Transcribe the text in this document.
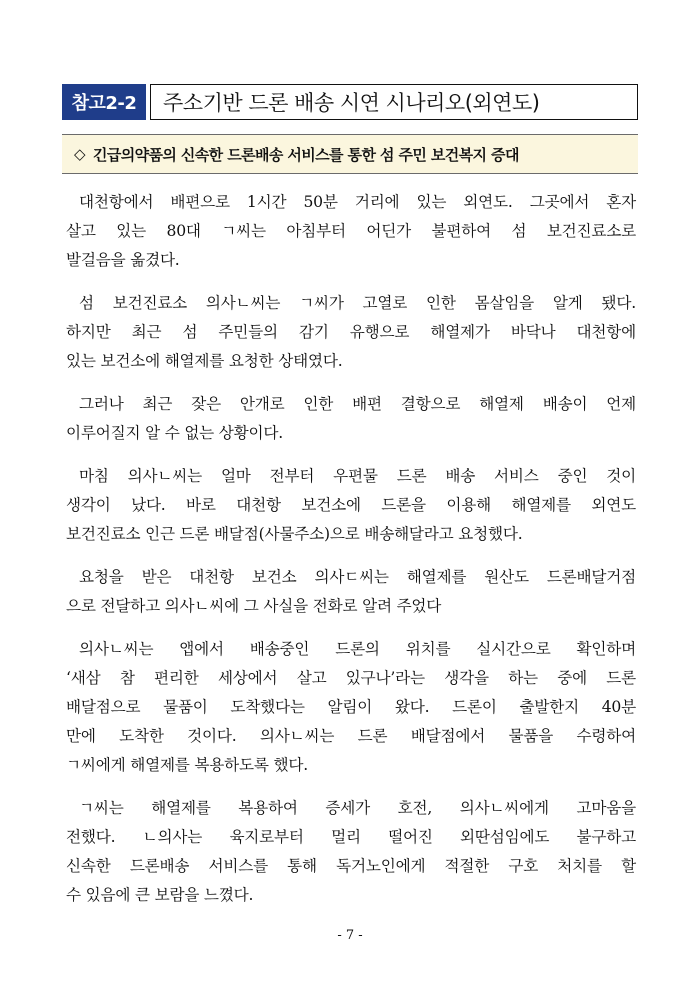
참고2-2	주소기반 드론 배송 시연 시나리오(외연도)
◇ 긴급의약품의 신속한 드론배송 서비스를 통한 섬 주민 보건복지 증대
대천항에서 배편으로 1시간 50분 거리에 있는 외연도. 그곳에서 혼자
살고 있는 80대 ㄱ씨는 아침부터 어딘가 불편하여 섬 보건진료소로
발걸음을 옮겼다.
섬 보건진료소 의사ㄴ씨는 ㄱ씨가 고열로 인한 몸살임을 알게 됐다.
하지만 최근 섬 주민들의 감기 유행으로 해열제가 바닥나 대천항에
있는 보건소에 해열제를 요청한 상태였다.
그러나 최근 잦은 안개로 인한 배편 결항으로 해열제 배송이 언제
이루어질지 알 수 없는 상황이다.
마침 의사ㄴ씨는 얼마 전부터 우편물 드론 배송 서비스 중인 것이
생각이 났다. 바로 대천항 보건소에 드론을 이용해 해열제를 외연도
보건진료소 인근 드론 배달점(사물주소)으로 배송해달라고 요청했다.
요청을 받은 대천항 보건소 의사ㄷ씨는 해열제를 원산도 드론배달거점
으로 전달하고 의사ㄴ씨에 그 사실을 전화로 알려 주었다
의사ㄴ씨는 앱에서 배송중인 드론의 위치를 실시간으로 확인하며
‘새삼 참 편리한 세상에서 살고 있구나’라는 생각을 하는 중에 드론
배달점으로 물품이 도착했다는 알림이 왔다. 드론이 출발한지 40분
만에 도착한 것이다. 의사ㄴ씨는 드론 배달점에서 물품을 수령하여
ㄱ씨에게 해열제를 복용하도록 했다.
ㄱ씨는 해열제를 복용하여 증세가 호전, 의사ㄴ씨에게 고마움을
전했다. ㄴ의사는 육지로부터 멀리 떨어진 외딴섬임에도 불구하고
신속한 드론배송 서비스를 통해 독거노인에게 적절한 구호 처치를 할
수 있음에 큰 보람을 느꼈다.
- 7 -
